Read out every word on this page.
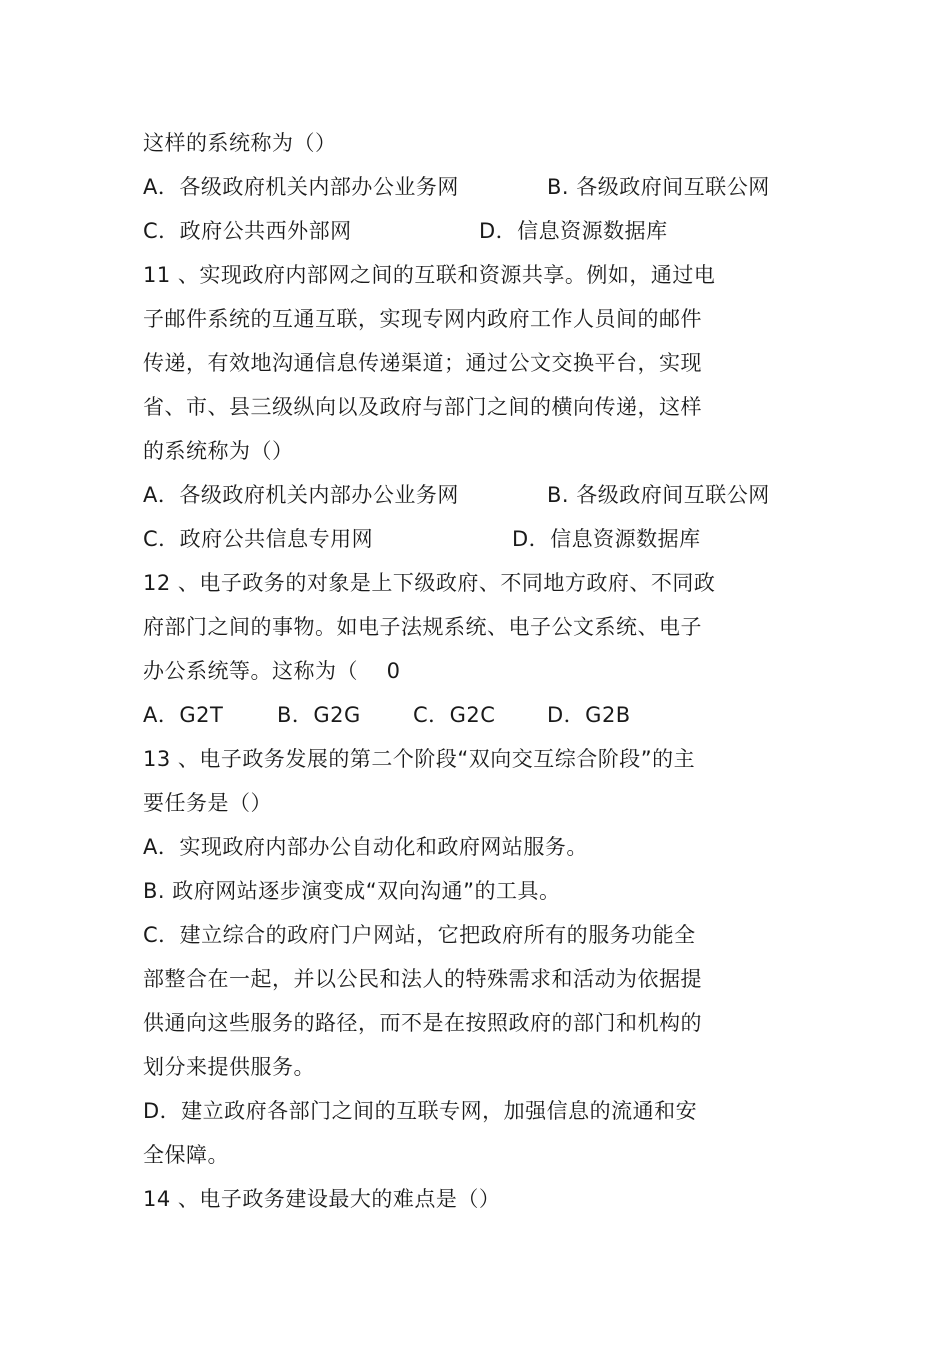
这样的系统称为（）
A．各级政府机关内部办公业务网	B. 各级政府间互联公网
C．政府公共西外部网	D．信息资源数据库
11 、实现政府内部网之间的互联和资源共享。例如，通过电
子邮件系统的互通互联，实现专网内政府工作人员间的邮件
传递，有效地沟通信息传递渠道；通过公文交换平台，实现
省、市、县三级纵向以及政府与部门之间的横向传递，这样
的系统称为（）
A．各级政府机关内部办公业务网	B. 各级政府间互联公网
C．政府公共信息专用网	D．信息资源数据库
12 、电子政务的对象是上下级政府、不同地方政府、不同政
府部门之间的事物。如电子法规系统、电子公文系统、电子
办公系统等。这称为（　 0
A．G2T	B．G2G C．G2C D．G2B
13 、电子政务发展的第二个阶段“双向交互综合阶段”的主
要任务是（）
A．实现政府内部办公自动化和政府网站服务。
B. 政府网站逐步演变成“双向沟通”的工具。
C．建立综合的政府门户网站，它把政府所有的服务功能全
部整合在一起，并以公民和法人的特殊需求和活动为依据提
供通向这些服务的路径，而不是在按照政府的部门和机构的
划分来提供服务。
D．建立政府各部门之间的互联专网，加强信息的流通和安
全保障。
14 、电子政务建设最大的难点是（）
